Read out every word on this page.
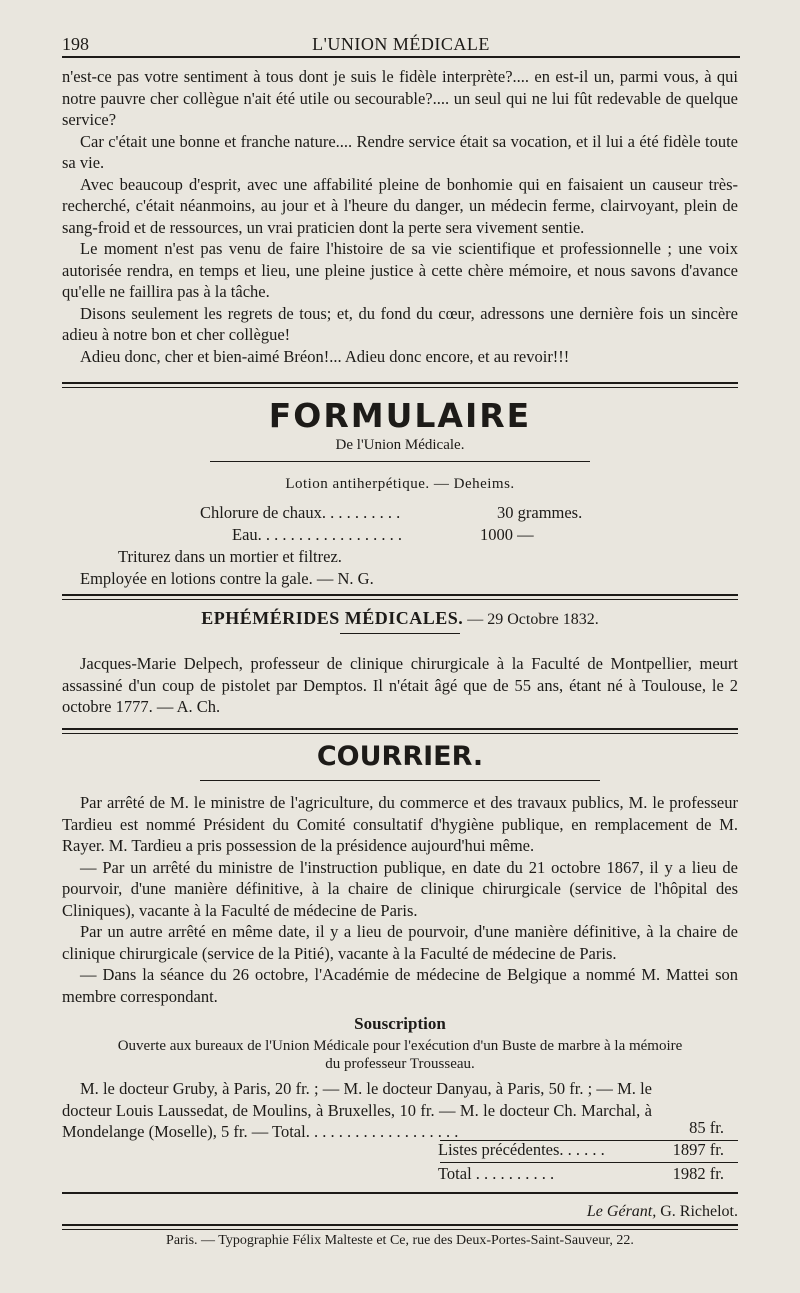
198	L'UNION MÉDICALE

n'est-ce pas votre sentiment à tous dont je suis le fidèle interprète?.... en est-il un, parmi vous, à qui notre pauvre cher collègue n'ait été utile ou secourable?.... un seul qui ne lui fût redevable de quelque service?

Car c'était une bonne et franche nature.... Rendre service était sa vocation, et il lui a été fidèle toute sa vie.

Avec beaucoup d'esprit, avec une affabilité pleine de bonhomie qui en faisaient un causeur très-recherché, c'était néanmoins, au jour et à l'heure du danger, un médecin ferme, clairvoyant, plein de sang-froid et de ressources, un vrai praticien dont la perte sera vivement sentie.

Le moment n'est pas venu de faire l'histoire de sa vie scientifique et professionnelle ; une voix autorisée rendra, en temps et lieu, une pleine justice à cette chère mémoire, et nous savons d'avance qu'elle ne faillira pas à la tâche.

Disons seulement les regrets de tous; et, du fond du cœur, adressons une dernière fois un sincère adieu à notre bon et cher collègue!

Adieu donc, cher et bien-aimé Bréon!... Adieu donc encore, et au revoir!!!

FORMULAIRE
De l'Union Médicale.
Lotion antiherpétique. — Deheims.
Chlorure de chaux. . . . . . . . . .	30 grammes.
Eau. . . . . . . . . . . . . . . . . .	1000 —
Triturez dans un mortier et filtrez.
Employée en lotions contre la gale. — N. G.
EPHÉMÉRIDES MÉDICALES. — 29 Octobre 1832.
Jacques-Marie Delpech, professeur de clinique chirurgicale à la Faculté de Montpellier, meurt assassiné d'un coup de pistolet par Demptos. Il n'était âgé que de 55 ans, étant né à Toulouse, le 2 octobre 1777. — A. Ch.
COURRIER.

Par arrêté de M. le ministre de l'agriculture, du commerce et des travaux publics, M. le professeur Tardieu est nommé Président du Comité consultatif d'hygiène publique, en remplacement de M. Rayer. M. Tardieu a pris possession de la présidence aujourd'hui même.

— Par un arrêté du ministre de l'instruction publique, en date du 21 octobre 1867, il y a lieu de pourvoir, d'une manière définitive, à la chaire de clinique chirurgicale (service de l'hôpital des Cliniques), vacante à la Faculté de médecine de Paris.

Par un autre arrêté en même date, il y a lieu de pourvoir, d'une manière définitive, à la chaire de clinique chirurgicale (service de la Pitié), vacante à la Faculté de médecine de Paris.

— Dans la séance du 26 octobre, l'Académie de médecine de Belgique a nommé M. Mattei son membre correspondant.

Souscription
Ouverte aux bureaux de l'Union Médicale pour l'exécution d'un Buste de marbre à la mémoire
du professeur Trousseau.
M. le docteur Gruby, à Paris, 20 fr. ; — M. le docteur Danyau, à Paris, 50 fr. ; — M. le docteur Louis Laussedat, de Moulins, à Bruxelles, 10 fr. — M. le docteur Ch. Marchal, à Mondelange (Moselle), 5 fr. — Total. . . . . . . . . . . . . . . . . . .	85 fr.
Listes précédentes. . . . . .	1897 fr.
Total . . . . . . . . . .	1982 fr.
Le Gérant, G. Richelot.
Paris. — Typographie Félix Malteste et Ce, rue des Deux-Portes-Saint-Sauveur, 22.
